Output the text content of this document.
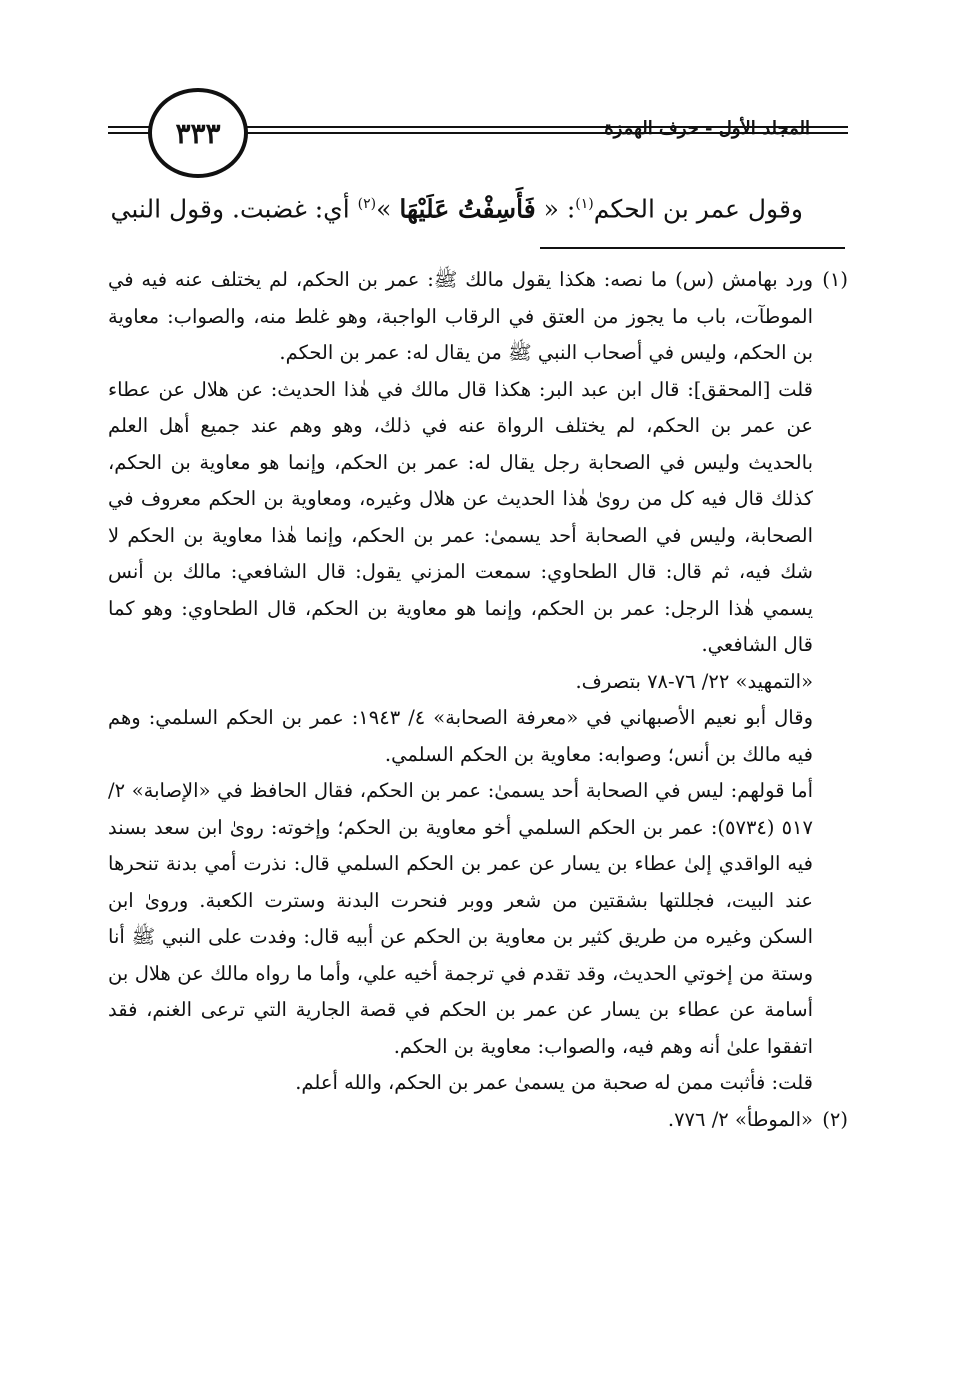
المجلد الأول - حرف الهمزة
٣٣٣
وقول عمر بن الحكم$^{(١)}$: « فَأَسِفْتُ عَلَيْهَا »$^{(٢)}$ أي: غضبت. وقول النبي
(١)

ورد بهامش (س) ما نصه: هكذا يقول مالك ﷺ: عمر بن الحكم، لم يختلف عنه فيه في الموطآت، باب ما يجوز من العتق في الرقاب الواجبة، وهو غلط منه، والصواب: معاوية بن الحكم، وليس في أصحاب النبي ﷺ من يقال له: عمر بن الحكم.

قلت [المحقق]: قال ابن عبد البر: هكذا قال مالك في هٰذا الحديث: عن هلال عن عطاء عن عمر بن الحكم، لم يختلف الرواة عنه في ذلك، وهو وهم عند جميع أهل العلم بالحديث وليس في الصحابة رجل يقال له: عمر بن الحكم، وإنما هو معاوية بن الحكم، كذلك قال فيه كل من روىٰ هٰذا الحديث عن هلال وغيره، ومعاوية بن الحكم معروف في الصحابة، وليس في الصحابة أحد يسمىٰ: عمر بن الحكم، وإنما هٰذا معاوية بن الحكم لا شك فيه، ثم قال: قال الطحاوي: سمعت المزني يقول: قال الشافعي: مالك بن أنس يسمي هٰذا الرجل: عمر بن الحكم، وإنما هو معاوية بن الحكم، قال الطحاوي: وهو كما قال الشافعي.

«التمهيد» ٢٢/ ٧٦-٧٨ بتصرف.

وقال أبو نعيم الأصبهاني في «معرفة الصحابة» ٤/ ١٩٤٣: عمر بن الحكم السلمي: وهم فيه مالك بن أنس؛ وصوابه: معاوية بن الحكم السلمي.

أما قولهم: ليس في الصحابة أحد يسمىٰ: عمر بن الحكم، فقال الحافظ في «الإصابة» ٢/ ٥١٧ (٥٧٣٤): عمر بن الحكم السلمي أخو معاوية بن الحكم؛ وإخوته: روىٰ ابن سعد بسند فيه الواقدي إلىٰ عطاء بن يسار عن عمر بن الحكم السلمي قال: نذرت أمي بدنة تنحرها عند البيت، فجللتها بشقتين من شعر ووبر فنحرت البدنة وسترت الكعبة. وروىٰ ابن السكن وغيره من طريق كثير بن معاوية بن الحكم عن أبيه قال: وفدت على النبي ﷺ أنا وستة من إخوتي الحديث، وقد تقدم في ترجمة أخيه علي، وأما ما رواه مالك عن هلال بن أسامة عن عطاء بن يسار عن عمر بن الحكم في قصة الجارية التي ترعى الغنم، فقد اتفقوا علىٰ أنه وهم فيه، والصواب: معاوية بن الحكم.

قلت: فأثبت ممن له صحبة من يسمىٰ عمر بن الحكم، والله أعلم.

(٢)

«الموطأ» ٢/ ٧٧٦.
